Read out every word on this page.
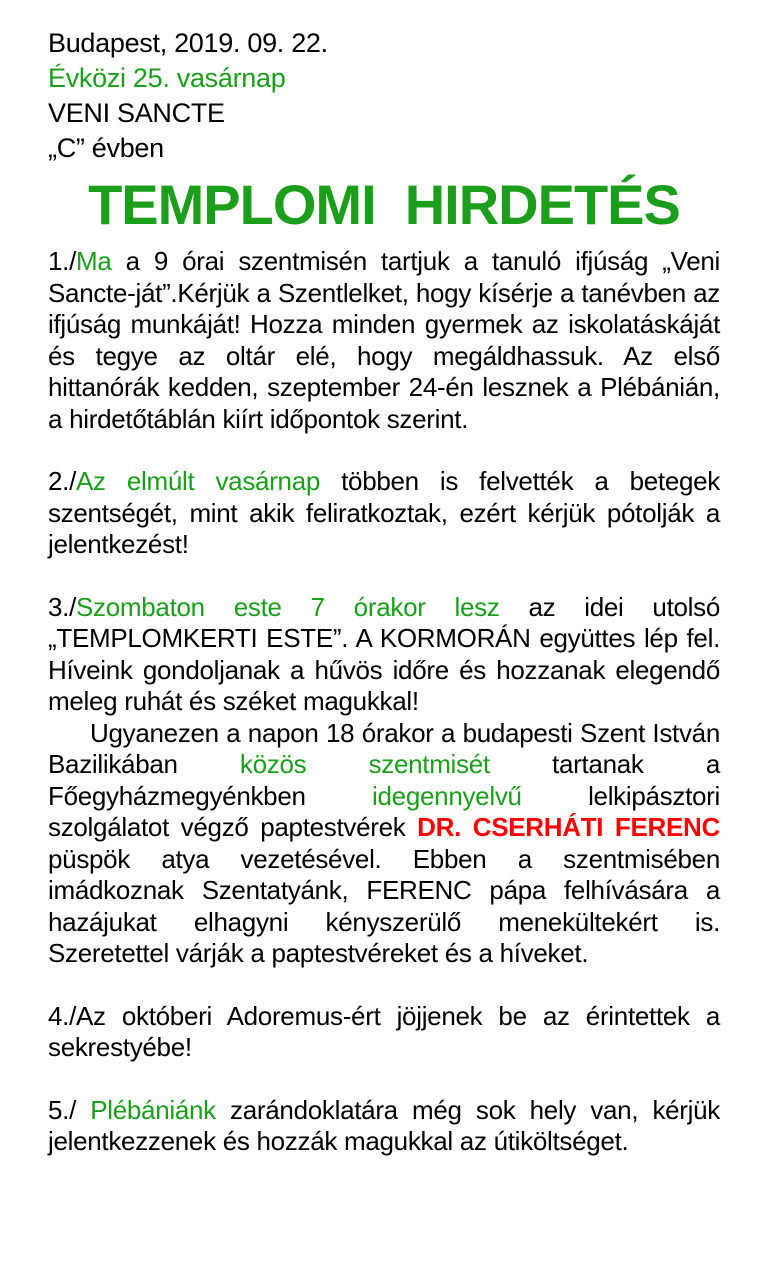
Budapest, 2019. 09. 22.
Évközi 25. vasárnap
VENI SANCTE
„C” évben
TEMPLOMI  HIRDETÉS

1./Ma a 9 órai szentmisén tartjuk a tanuló ifjúság „Veni Sancte-ját”.Kérjük a Szentlelket, hogy kísérje a tanévben az ifjúság munkáját! Hozza minden gyermek az iskolatáskáját és tegye az oltár elé, hogy megáldhassuk. Az első hittanórák kedden, szeptember 24-én lesznek a Plébánián, a hirdetőtáblán kiírt időpontok szerint.

2./Az elmúlt vasárnap többen is felvették a betegek szentségét, mint akik feliratkoztak, ezért kérjük pótolják a jelentkezést!

3./Szombaton este 7 órakor lesz az idei utolsó „TEMPLOMKERTI ESTE”. A KORMORÁN együttes lép fel. Híveink gondoljanak a hűvös időre és hozzanak elegendő meleg ruhát és széket magukkal!

Ugyanezen a napon 18 órakor a budapesti Szent István Bazilikában közös szentmisét tartanak a Főegyházmegyénkben idegennyelvű lelkipásztori szolgálatot végző paptestvérek DR. CSERHÁTI FERENC püspök atya vezetésével. Ebben a szentmisében imádkoznak Szentatyánk, FERENC pápa felhívására a hazájukat elhagyni kényszerülő menekültekért is. Szeretettel várják a paptestvéreket és a híveket.

4./Az októberi Adoremus-ért jöjjenek be az érintettek a sekrestyébe!

5./ Plébániánk zarándoklatára még sok hely van, kérjük jelentkezzenek és hozzák magukkal az útiköltséget.
